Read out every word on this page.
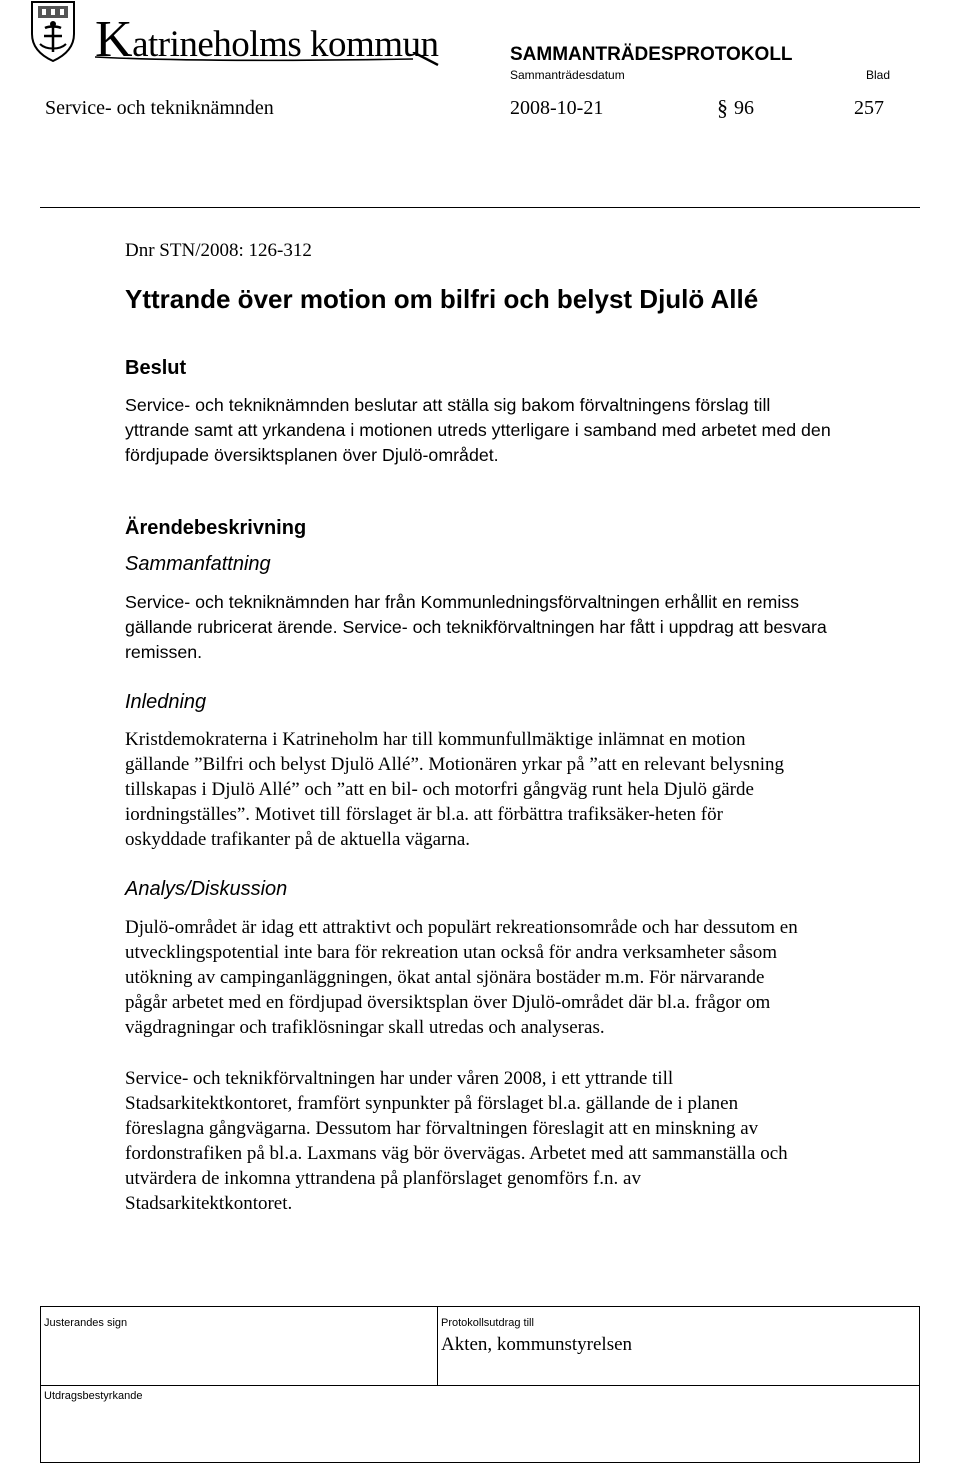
Katrineholms kommun	SAMMANTRÄDESPROTOKOLL
Sammanträdesdatum	Blad
Service- och tekniknämnden	2008-10-21	§ 96	257
Dnr STN/2008: 126-312
Yttrande över motion om bilfri och belyst Djulö Allé
Beslut
Service- och tekniknämnden beslutar att ställa sig bakom förvaltningens förslag till
yttrande samt att yrkandena i motionen utreds ytterligare i samband med arbetet med den
fördjupade översiktsplanen över Djulö-området.
Ärendebeskrivning
Sammanfattning
Service- och tekniknämnden har från Kommunledningsförvaltningen erhållit en remiss
gällande rubricerat ärende. Service- och teknikförvaltningen har fått i uppdrag att besvara
remissen.
Inledning
Kristdemokraterna i Katrineholm har till kommunfullmäktige inlämnat en motion
gällande ”Bilfri och belyst Djulö Allé”. Motionären yrkar på ”att en relevant belysning
tillskapas i Djulö Allé” och ”att en bil- och motorfri gångväg runt hela Djulö gärde
iordningställes”. Motivet till förslaget är bl.a. att förbättra trafiksäker-heten för
oskyddade trafikanter på de aktuella vägarna.
Analys/Diskussion
Djulö-området är idag ett attraktivt och populärt rekreationsområde och har dessutom en
utvecklingspotential inte bara för rekreation utan också för andra verksamheter såsom
utökning av campinganläggningen, ökat antal sjönära bostäder m.m. För närvarande
pågår arbetet med en fördjupad översiktsplan över Djulö-området där bl.a. frågor om
vägdragningar och trafiklösningar skall utredas och analyseras.
Service- och teknikförvaltningen har under våren 2008, i ett yttrande till
Stadsarkitektkontoret, framfört synpunkter på förslaget bl.a. gällande de i planen
föreslagna gångvägarna. Dessutom har förvaltningen föreslagit att en minskning av
fordonstrafiken på bl.a. Laxmans väg bör övervägas. Arbetet med att sammanställa och
utvärdera de inkomna yttrandena på planförslaget genomförs f.n. av
Stadsarkitektkontoret.
Justerandes sign	Protokollsutdrag till
Akten, kommunstyrelsen
Utdragsbestyrkande
